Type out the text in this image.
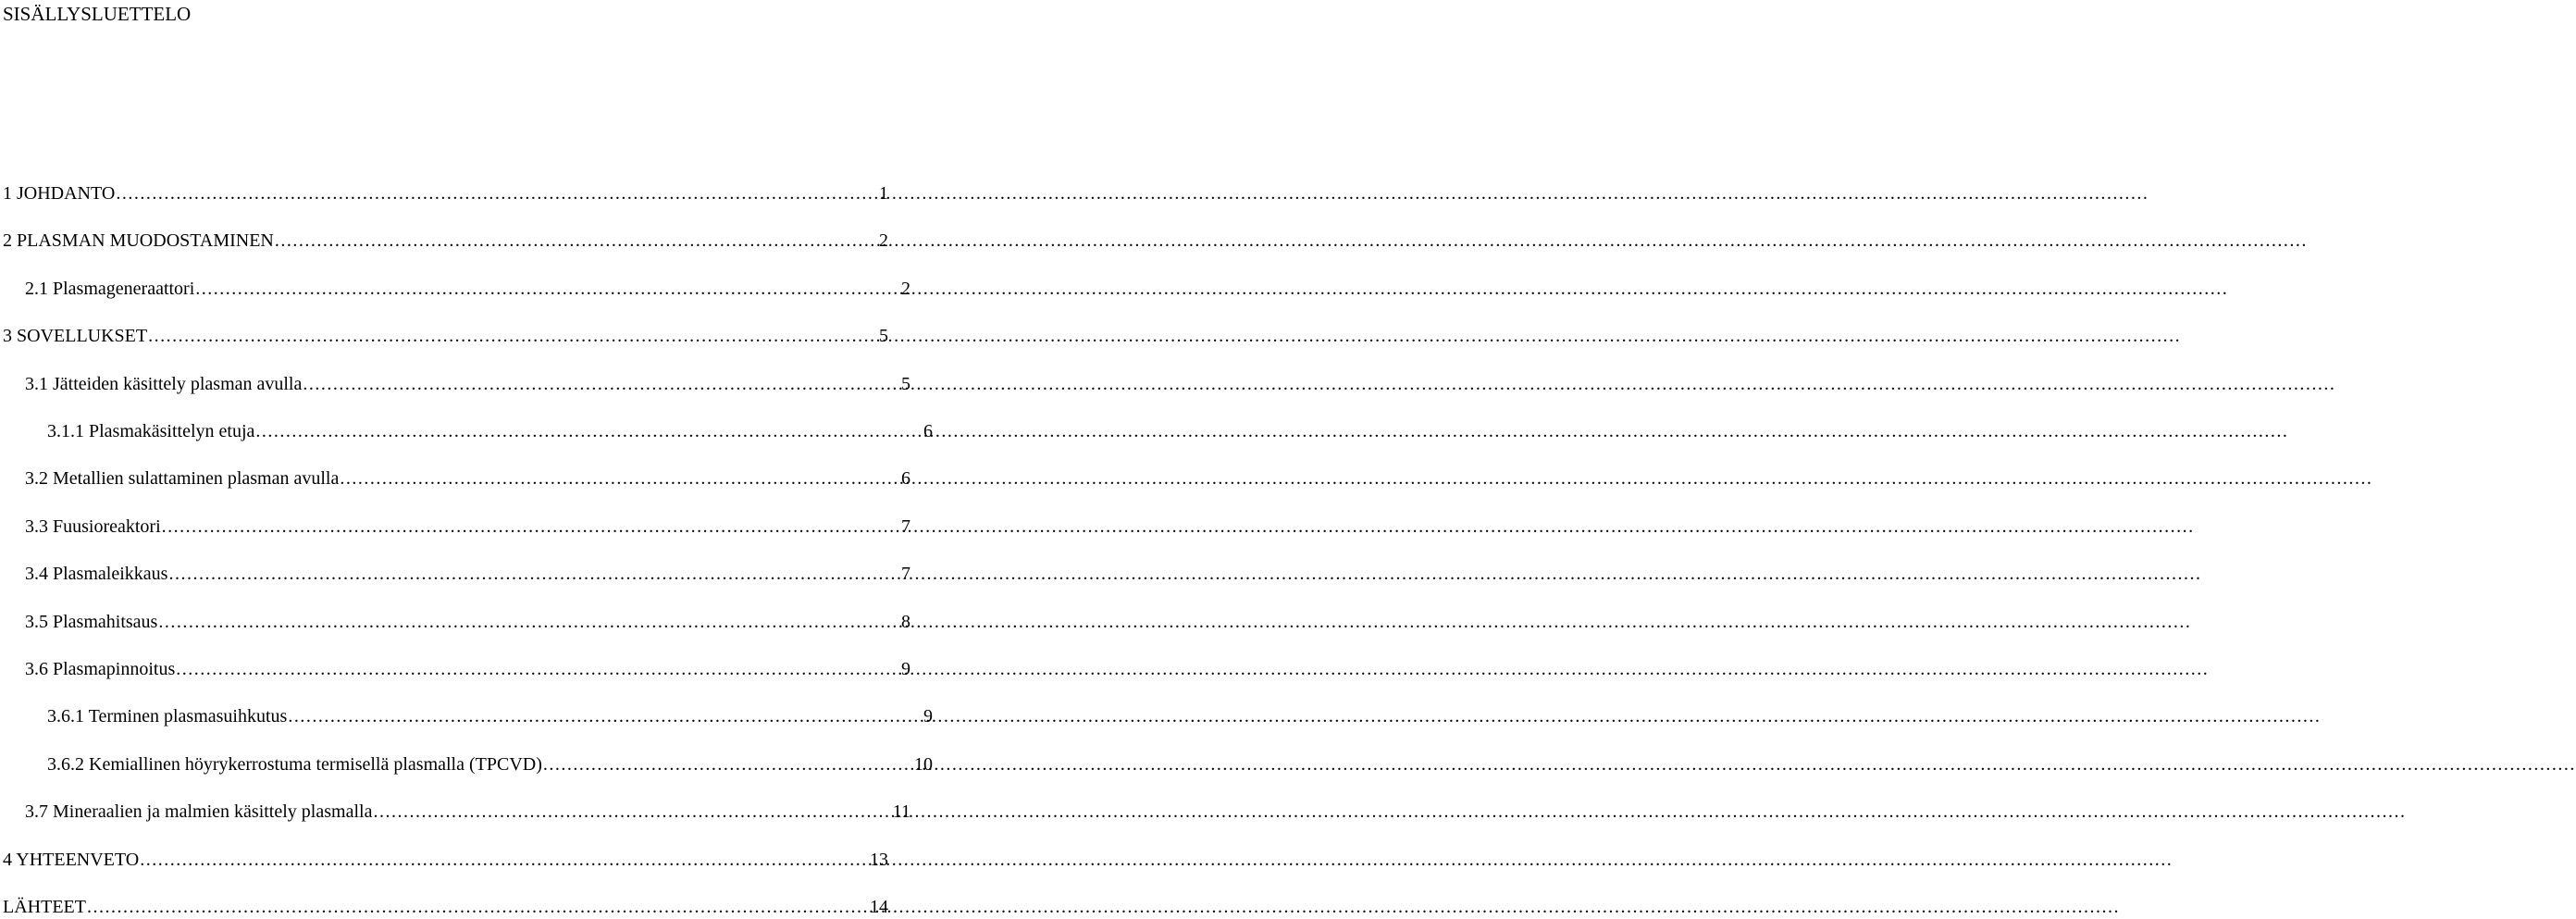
SISÄLLYSLUETTELO
1 JOHDANTO .....	1
2 PLASMAN MUODOSTAMINEN .....	2
2.1 Plasmageneraattori .....	2
3 SOVELLUKSET .....	5
3.1 Jätteiden käsittely plasman avulla .....	5
3.1.1 Plasmakäsittelyn etuja .....	6
3.2 Metallien sulattaminen plasman avulla .....	6
3.3 Fuusioreaktori .....	7
3.4 Plasmaleikkaus .....	7
3.5 Plasmahitsaus .....	8
3.6 Plasmapinnoitus .....	9
3.6.1 Terminen plasmasuihkutus .....	9
3.6.2 Kemiallinen höyrykerrostuma termisellä plasmalla (TPCVD) .....	10
3.7 Mineraalien ja malmien käsittely plasmalla .....	11
4 YHTEENVETO .....	13
LÄHTEET .....	14
